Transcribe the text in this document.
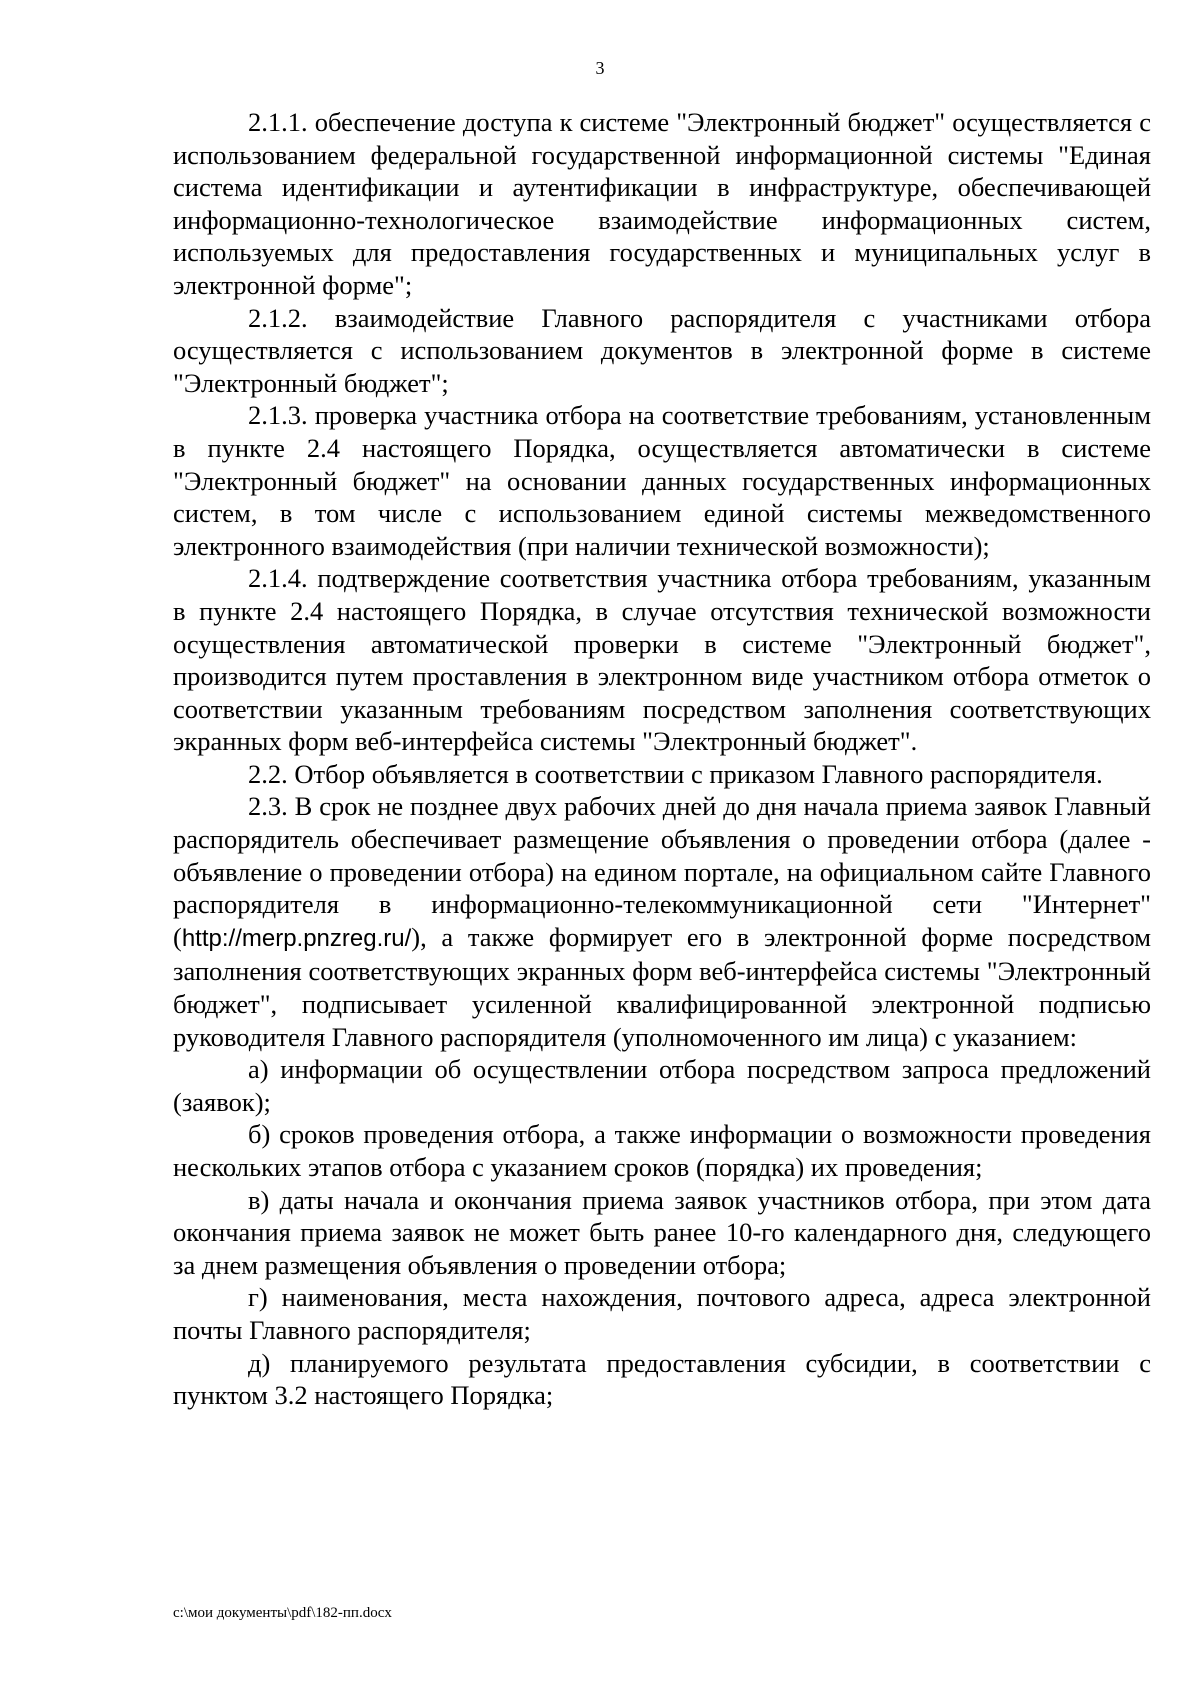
3

2.1.1. обеспечение доступа к системе "Электронный бюджет" осуществляется с использованием федеральной государственной информационной системы "Единая система идентификации и аутентификации в инфраструктуре, обеспечивающей информационно-технологическое взаимодействие информационных систем, используемых для предоставления государственных и муниципальных услуг в электронной форме";

2.1.2. взаимодействие Главного распорядителя с участниками отбора осуществляется с использованием документов в электронной форме в системе "Электронный бюджет";

2.1.3. проверка участника отбора на соответствие требованиям, установленным в пункте 2.4 настоящего Порядка, осуществляется автоматически в системе "Электронный бюджет" на основании данных государственных информационных систем, в том числе с использованием единой системы межведомственного электронного взаимодействия (при наличии технической возможности);

2.1.4. подтверждение соответствия участника отбора требованиям, указанным в пункте 2.4 настоящего Порядка, в случае отсутствия технической возможности осуществления автоматической проверки в системе "Электронный бюджет", производится путем проставления в электронном виде участником отбора отметок о соответствии указанным требованиям посредством заполнения соответствующих экранных форм веб-интерфейса системы "Электронный бюджет".

2.2. Отбор объявляется в соответствии с приказом Главного распорядителя.

2.3. В срок не позднее двух рабочих дней до дня начала приема заявок Главный распорядитель обеспечивает размещение объявления о проведении отбора (далее - объявление о проведении отбора) на едином портале, на официальном сайте Главного распорядителя в информационно-телекоммуникационной сети "Интернет" (http://merp.pnzreg.ru/), а также формирует его в электронной форме посредством заполнения соответствующих экранных форм веб-интерфейса системы "Электронный бюджет", подписывает усиленной квалифицированной электронной подписью руководителя Главного распорядителя (уполномоченного им лица) с указанием:

а) информации об осуществлении отбора посредством запроса предложений (заявок);

б) сроков проведения отбора, а также информации о возможности проведения нескольких этапов отбора с указанием сроков (порядка) их проведения;

в) даты начала и окончания приема заявок участников отбора, при этом дата окончания приема заявок не может быть ранее 10-го календарного дня, следующего за днем размещения объявления о проведении отбора;

г) наименования, места нахождения, почтового адреса, адреса электронной почты Главного распорядителя;

д) планируемого результата предоставления субсидии, в соответствии с пунктом 3.2 настоящего Порядка;

c:\мои документы\pdf\182-пп.docx
